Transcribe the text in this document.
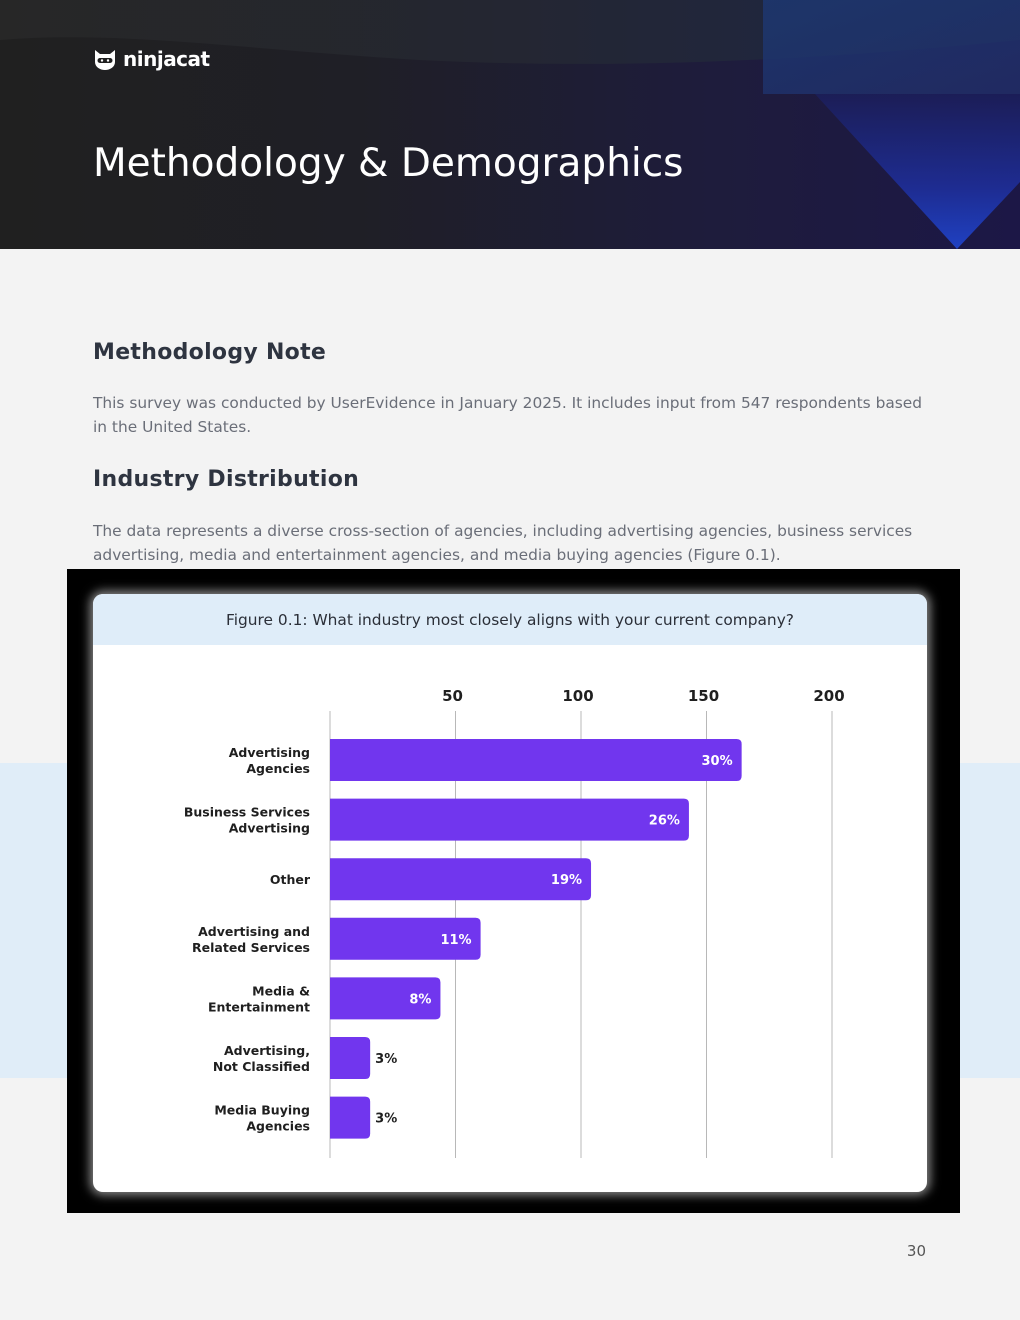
ninjacat
Methodology & Demographics
Methodology Note

This survey was conducted by UserEvidence in January 2025. It includes input from 547 respondents based in the United States.

Industry Distribution

The data represents a diverse cross-section of agencies, including advertising agencies, business services advertising, media and entertainment agencies, and media buying agencies (Figure 0.1).

Figure 0.1: What industry most closely aligns with your current company?
50	100	150	200
30%
Advertising Agencies
26%
Business Services Advertising
19%
Other
11%
Advertising and Related Services
8%
Media & Entertainment
3%
Advertising, Not Classified
3%
Media Buying Agencies
30
